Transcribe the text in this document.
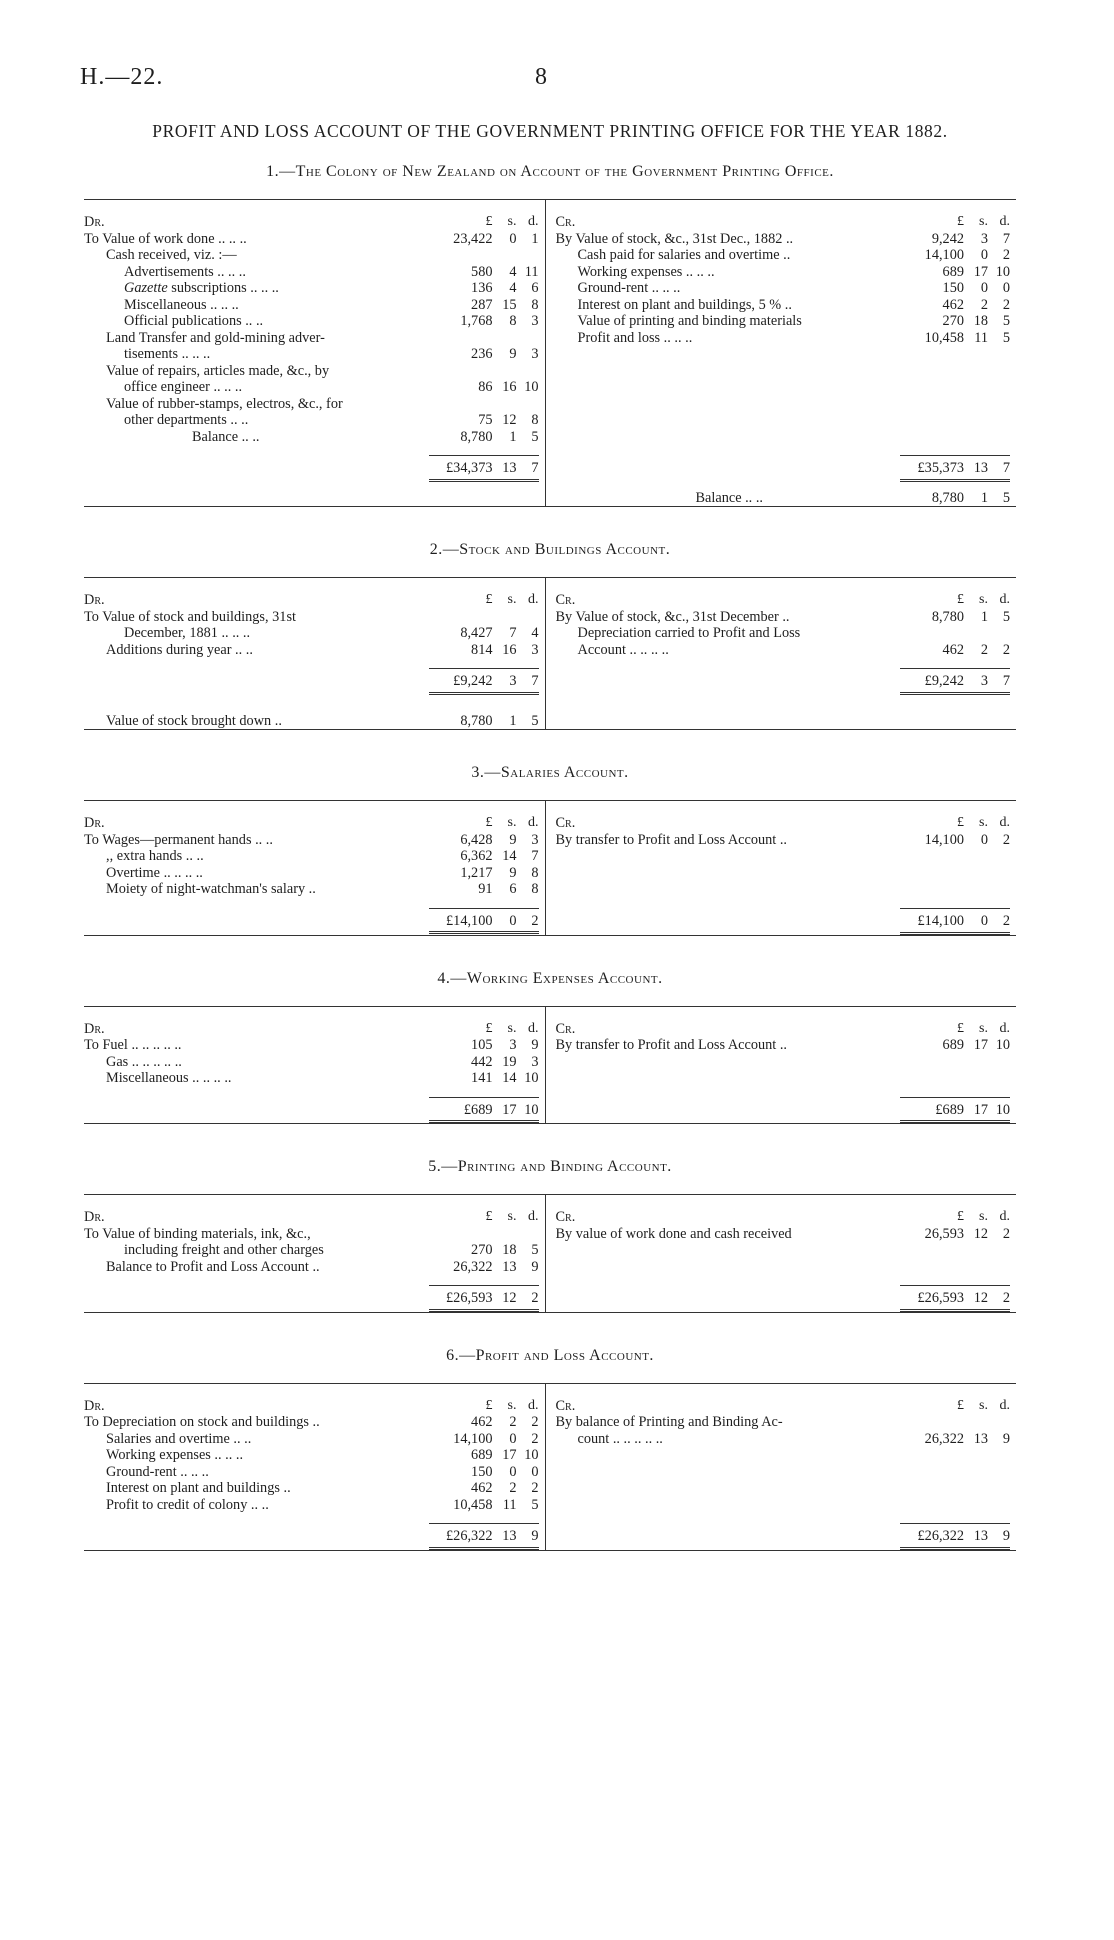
H.—22.	8
PROFIT AND LOSS ACCOUNT OF THE GOVERNMENT PRINTING OFFICE FOR THE YEAR 1882.
1.—The Colony of New Zealand on Account of the Government Printing Office.
Dr.	£	s. d.
To Value of work done .. .. ..	23,422	0	1
Cash received, viz. :—
Advertisements .. .. ..	580	4 11
Gazette subscriptions .. .. ..	136	4	6
Miscellaneous .. .. ..	287 15	8
Official publications .. ..	1,768	8	3
Land Transfer and gold-mining adver-
tisements .. .. ..	236	9	3
Value of repairs, articles made, &c., by
office engineer .. .. ..	86 16 10
Value of rubber-stamps, electros, &c., for
other departments .. ..	75 12	8
Balance .. ..	8,780	1	5
£34,373 13	7
Cr.	£	s. d.
By Value of stock, &c., 31st Dec., 1882 ..	9,242	3	7
Cash paid for salaries and overtime ..	14,100	0	2
Working expenses .. .. ..	689 17 10
Ground-rent .. .. ..	150	0	0
Interest on plant and buildings, 5 % ..	462	2	2
Value of printing and binding materials	270 18	5
Profit and loss .. .. ..	10,458 11	5
£35,373 13	7
Balance .. ..	8,780	1	5
2.—Stock and Buildings Account.
Dr.	£	s. d.
To Value of stock and buildings, 31st
December, 1881 .. .. ..	8,427	7	4
Additions during year .. ..	814 16	3
£9,242	3	7
Value of stock brought down ..	8,780	1	5
Cr.	£	s. d.
By Value of stock, &c., 31st December ..	8,780	1	5
Depreciation carried to Profit and Loss
Account .. .. .. ..	462	2	2
£9,242	3	7
3.—Salaries Account.
Dr.	£	s. d.
To Wages—permanent hands .. ..	6,428	9	3
,, extra hands .. ..	6,362 14	7
Overtime .. .. .. ..	1,217	9	8
Moiety of night-watchman's salary ..	91	6	8
£14,100	0	2
Cr.	£	s. d.
By transfer to Profit and Loss Account ..	14,100	0	2
£14,100	0	2
4.—Working Expenses Account.
Dr.	£	s. d.
To Fuel .. .. .. .. ..	105	3	9
Gas .. .. .. .. ..	442 19	3
Miscellaneous .. .. .. ..	141 14 10
£689 17 10
Cr.	£	s. d.
By transfer to Profit and Loss Account ..	689 17 10
£689 17 10
5.—Printing and Binding Account.
Dr.	£	s. d.
To Value of binding materials, ink, &c.,
including freight and other charges	270 18	5
Balance to Profit and Loss Account ..	26,322 13	9
£26,593 12	2
Cr.	£	s. d.
By value of work done and cash received	26,593 12	2
£26,593 12	2
6.—Profit and Loss Account.
Dr.	£	s. d.
To Depreciation on stock and buildings ..	462	2	2
Salaries and overtime .. ..	14,100	0	2
Working expenses .. .. ..	689 17 10
Ground-rent .. .. ..	150	0	0
Interest on plant and buildings ..	462	2	2
Profit to credit of colony .. ..	10,458 11	5
£26,322 13	9
Cr.	£	s. d.
By balance of Printing and Binding Ac-
count .. .. .. .. ..	26,322 13	9
£26,322 13	9
